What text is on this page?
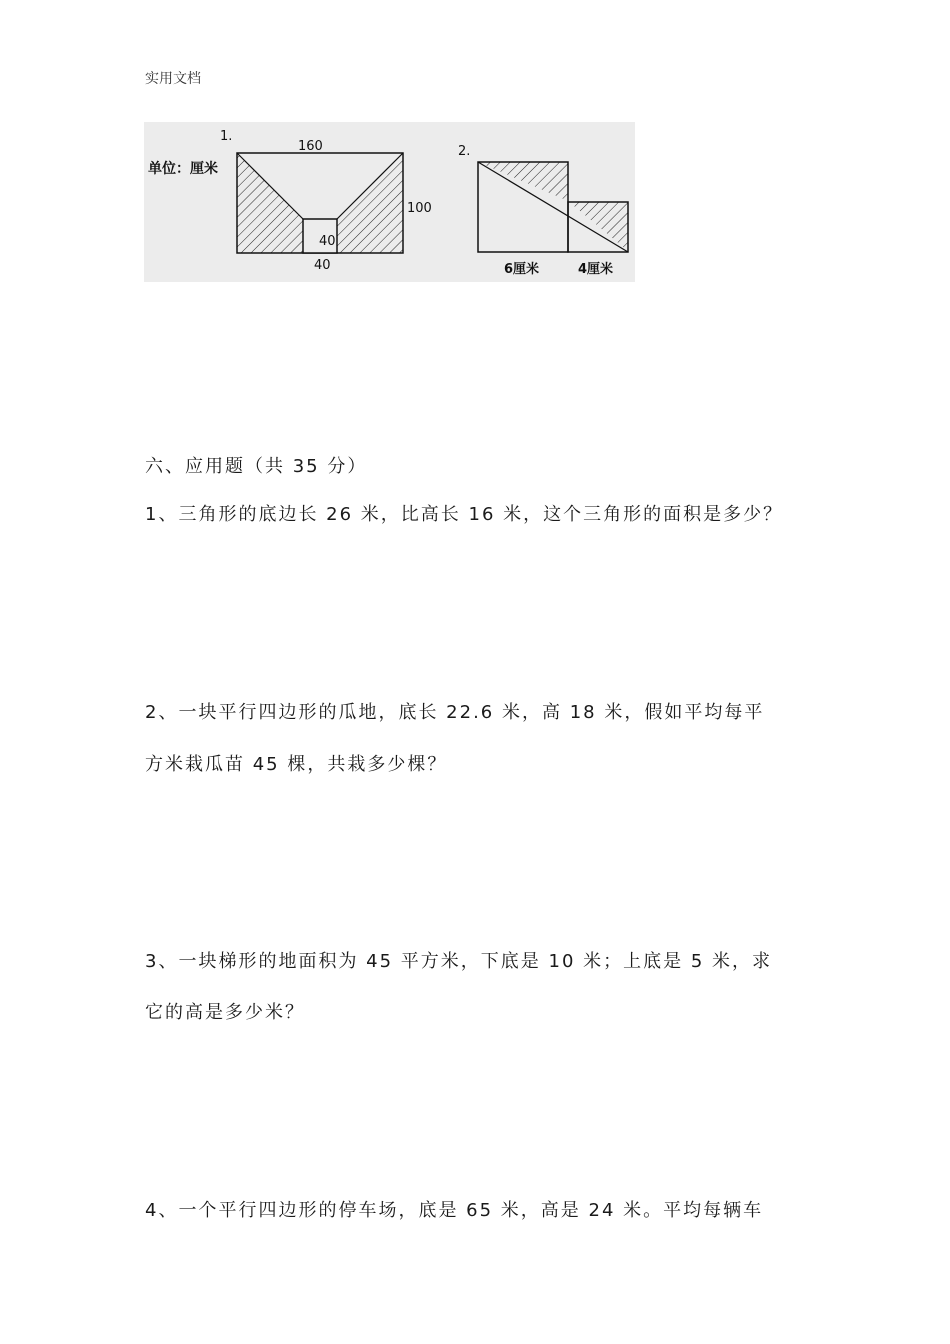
实用文档
1.
单位：厘米
160
100
40
40
2.
6厘米	4厘米

六、应用题（共 35 分）

1、三角形的底边长 26 米，比高长 16 米，这个三角形的面积是多少？

2、一块平行四边形的瓜地，底长 22.6 米，高 18 米，假如平均每平

方米栽瓜苗 45 棵，共栽多少棵？

3、一块梯形的地面积为 45 平方米，下底是 10 米；上底是 5 米，求

它的高是多少米？

4、一个平行四边形的停车场，底是 65 米，高是 24 米。平均每辆车
